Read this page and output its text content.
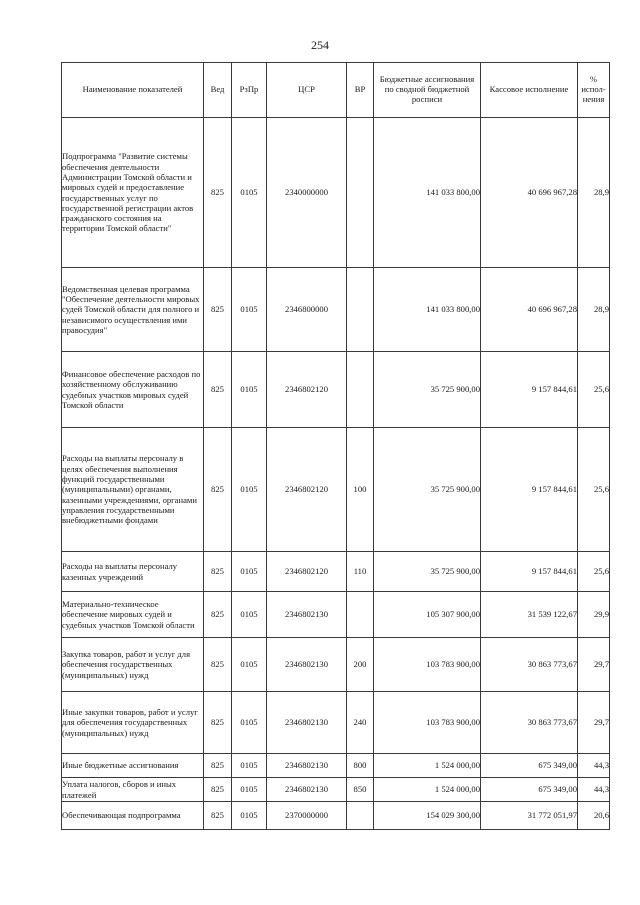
254
Наименование показателей	Вед	РзПр	ЦСР	ВР	Бюджетные ассигнования по сводной бюджетной росписи	Кассовое исполнение	% испол-нения
Подпрограмма "Развитие системы обеспечения деятельности Администрации Томской области и мировых судей и предоставление государственных услуг по государственной регистрации актов гражданского состояния на территории Томской области"	825	0105	2340000000		141 033 800,00	40 696 967,28	28,9
Ведомственная целевая программа "Обеспечение деятельности мировых судей Томской области для полного и независимого осуществления ими правосудия"	825	0105	2346800000		141 033 800,00	40 696 967,28	28,9
Финансовое обеспечение расходов по хозяйственному обслуживанию судебных участков мировых судей Томской области	825	0105	2346802120		35 725 900,00	9 157 844,61	25,6
Расходы на выплаты персоналу в целях обеспечения выполнения функций государственными (муниципальными) органами, казенными учреждениями, органами управления государственными внебюджетными фондами	825	0105	2346802120	100	35 725 900,00	9 157 844,61	25,6
Расходы на выплаты персоналу казенных учреждений	825	0105	2346802120	110	35 725 900,00	9 157 844,61	25,6
Материально-техническое обеспечение мировых судей и судебных участков Томской области	825	0105	2346802130		105 307 900,00	31 539 122,67	29,9
Закупка товаров, работ и услуг для обеспечения государственных (муниципальных) нужд	825	0105	2346802130	200	103 783 900,00	30 863 773,67	29,7
Иные закупки товаров, работ и услуг для обеспечения государственных (муниципальных) нужд	825	0105	2346802130	240	103 783 900,00	30 863 773,67	29,7
Иные бюджетные ассигнования	825	0105	2346802130	800	1 524 000,00	675 349,00	44,3
Уплата налогов, сборов и иных платежей	825	0105	2346802130	850	1 524 000,00	675 349,00	44,3
Обеспечивающая подпрограмма	825	0105	2370000000		154 029 300,00	31 772 051,97	20,6
